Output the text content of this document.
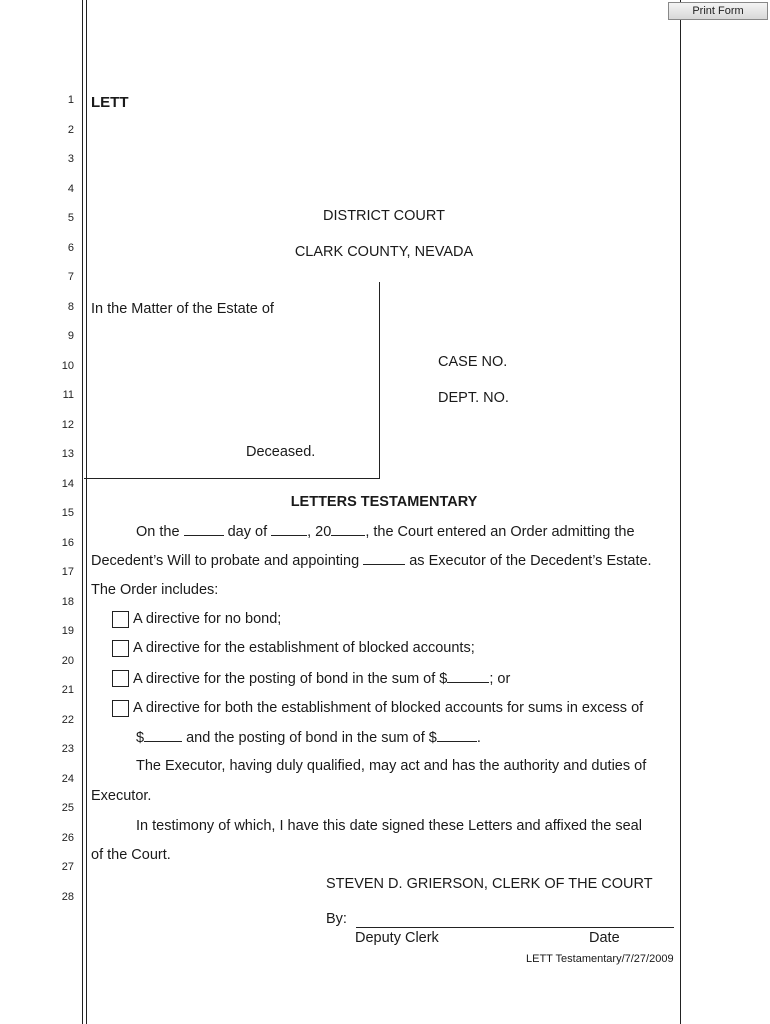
Print Form
1
2
3
4
5
6
7
8
9
10
11
12
13
14
15
16
17
18
19
20
21
22
23
24
25
26
27
28
LETT
DISTRICT COURT
CLARK COUNTY, NEVADA
In the Matter of the Estate of
Deceased.
CASE NO.
DEPT. NO.
LETTERS TESTAMENTARY
On the	day of	, 20 , the Court entered an Order admitting the
Decedent’s Will to probate and appointing	as Executor of the Decedent’s Estate.
The Order includes:
A directive for no bond;
A directive for the establishment of blocked accounts;
A directive for the posting of bond in the sum of $	; or
A directive for both the establishment of blocked accounts for sums in excess of
$	and the posting of bond in the sum of $	.
The Executor, having duly qualified, may act and has the authority and duties of
Executor.
In testimony of which, I have this date signed these Letters and affixed the seal
of the Court.
STEVEN D. GRIERSON, CLERK OF THE COURT
By:
Deputy Clerk	Date
LETT Testamentary/7/27/2009
